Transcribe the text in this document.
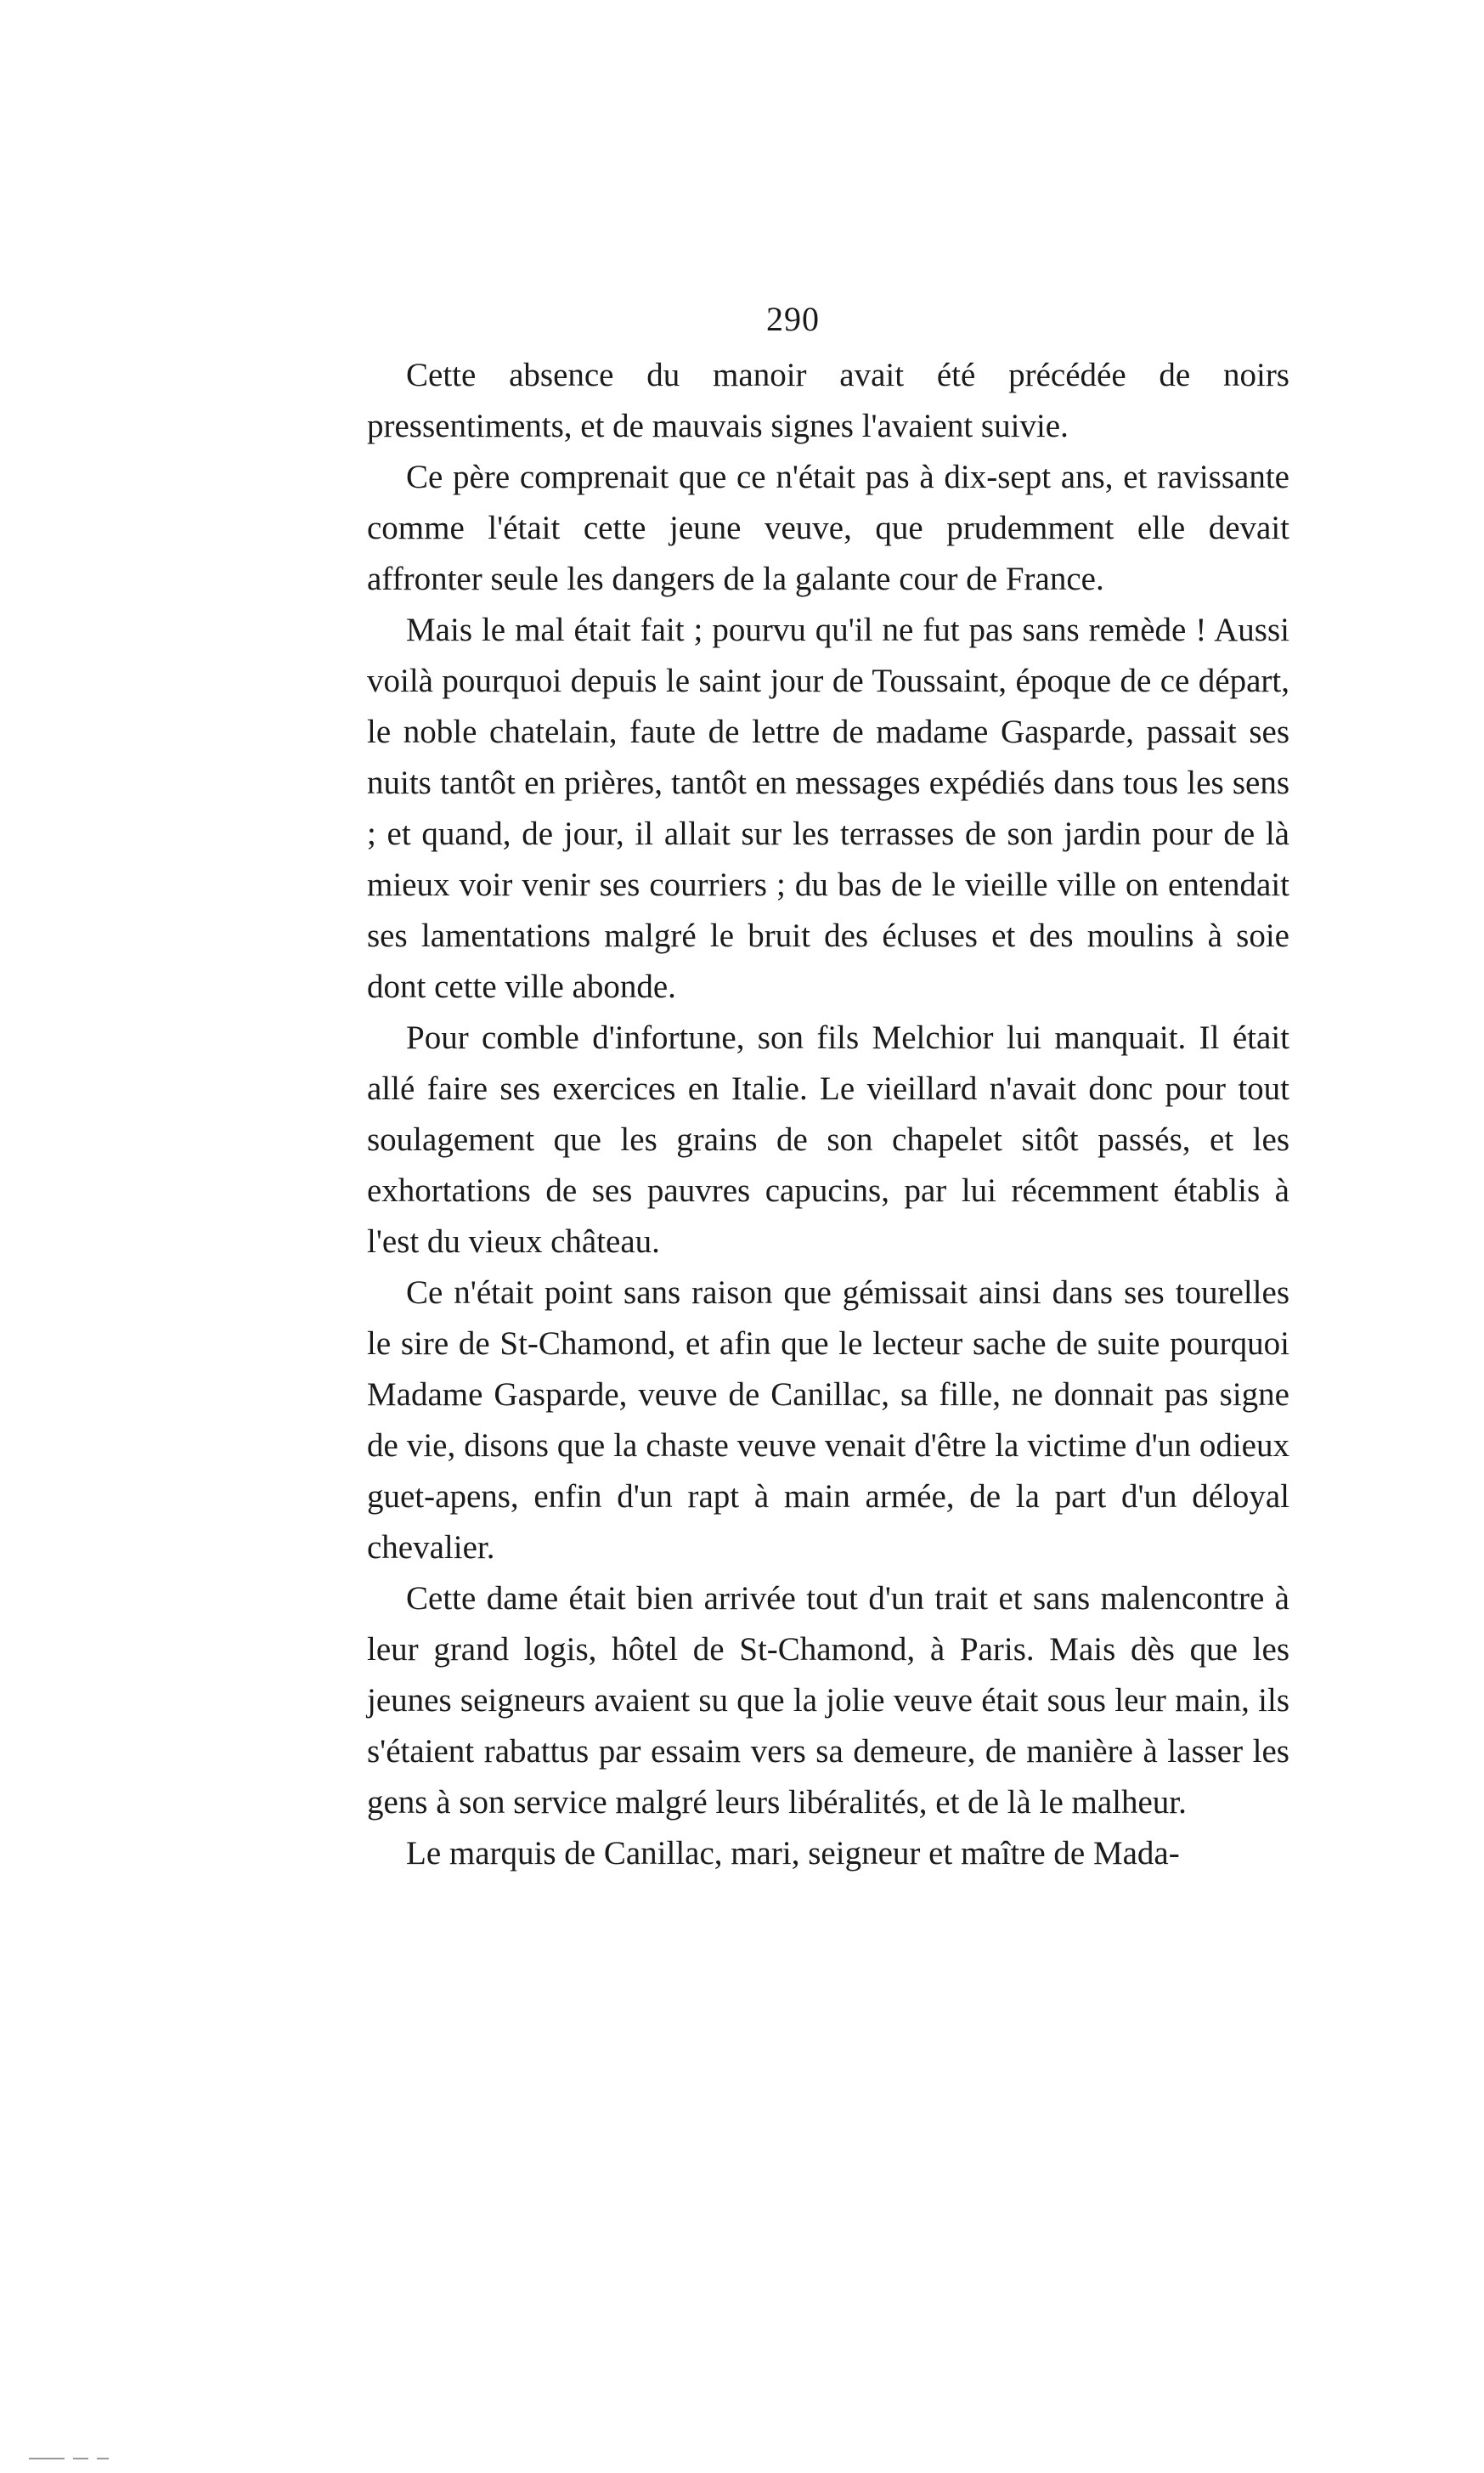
290

Cette absence du manoir avait été précédée de noirs pressentiments, et de mauvais signes l'avaient suivie.

Ce père comprenait que ce n'était pas à dix-sept ans, et ravissante comme l'était cette jeune veuve, que prudemment elle devait affronter seule les dangers de la galante cour de France.

Mais le mal était fait ; pourvu qu'il ne fut pas sans remède ! Aussi voilà pourquoi depuis le saint jour de Toussaint, époque de ce départ, le noble chatelain, faute de lettre de madame Gasparde, passait ses nuits tantôt en prières, tantôt en messages expédiés dans tous les sens ; et quand, de jour, il allait sur les terrasses de son jardin pour de là mieux voir venir ses courriers ; du bas de le vieille ville on entendait ses lamentations malgré le bruit des écluses et des moulins à soie dont cette ville abonde.

Pour comble d'infortune, son fils Melchior lui manquait. Il était allé faire ses exercices en Italie. Le vieillard n'avait donc pour tout soulagement que les grains de son chapelet sitôt passés, et les exhortations de ses pauvres capucins, par lui récemment établis à l'est du vieux château.

Ce n'était point sans raison que gémissait ainsi dans ses tourelles le sire de St-Chamond, et afin que le lecteur sache de suite pourquoi Madame Gasparde, veuve de Canillac, sa fille, ne donnait pas signe de vie, disons que la chaste veuve venait d'être la victime d'un odieux guet-apens, enfin d'un rapt à main armée, de la part d'un déloyal chevalier.

Cette dame était bien arrivée tout d'un trait et sans malencontre à leur grand logis, hôtel de St-Chamond, à Paris. Mais dès que les jeunes seigneurs avaient su que la jolie veuve était sous leur main, ils s'étaient rabattus par essaim vers sa demeure, de manière à lasser les gens à son service malgré leurs libéralités, et de là le malheur.

Le marquis de Canillac, mari, seigneur et maître de Mada-
